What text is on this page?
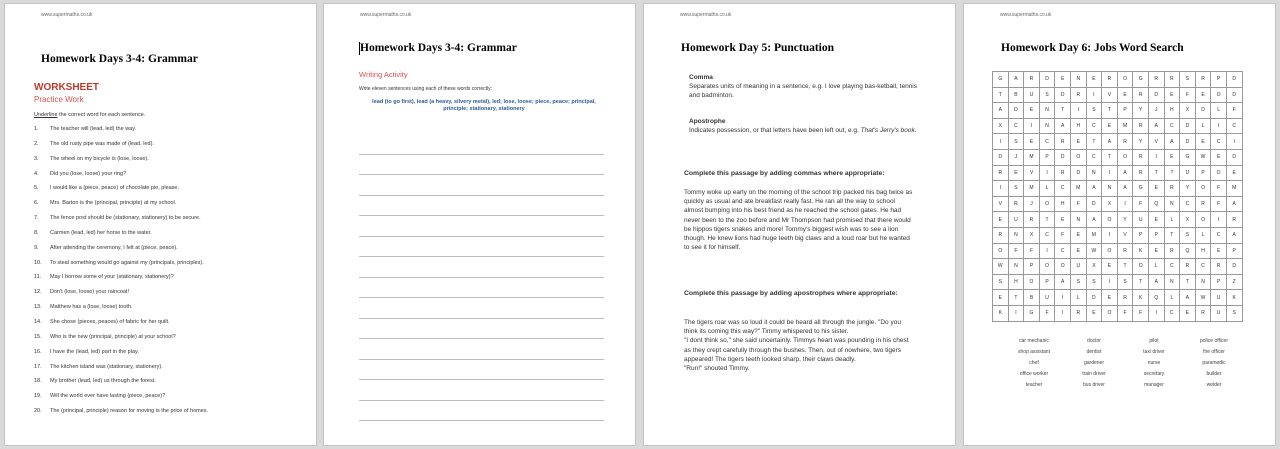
www.supermaths.co.uk
Homework Days 3-4: Grammar
WORKSHEET
Practice Work
Underline the correct word for each sentence.
1.	The teacher will (lead, led) the way.
2.	The old rusty pipe was made of (lead, led).
3.	The wheel on my bicycle is (lose, loose).
4.	Did you (lose, loose) your ring?
5.	I would like a (piece, peace) of chocolate pie, please.
6.	Mrs. Barton is the (principal, principle) at my school.
7.	The fence post should be (stationary, stationery) to be secure.
8.	Carmen (lead, led) her horse to the water.
9.	After attending the ceremony, I felt at (piece, peace).
10.	To steal something would go against my (principals, principles).
11.	May I borrow some of your (stationary, stationery)?
12.	Don't (lose, loose) your raincoat!
13.	Matthew has a (lose, loose) tooth.
14.	She chose (pieces, peaces) of fabric for her quilt.
15.	Who is the new (principal, principle) at your school?
16.	I have the (lead, led) part in the play.
17.	The kitchen island was (stationary, stationery).
18.	My brother (lead, led) us through the forest.
19.	Will the world ever have lasting (piece, peace)?
20.	The (principal, principle) reason for moving is the price of homes.
www.supermaths.co.uk
Homework Days 3-4: Grammar
Writing Activity
Write eleven sentences using each of these words correctly:
lead (to go first), lead (a heavy, silvery metal), led; lose, loose; piece, peace; principal, principle; stationary, stationery
www.supermaths.co.uk
Homework Day 5: Punctuation
Comma
Separates units of meaning in a sentence, e.g. I love playing bas-ketball, tennis and badminton.
Apostrophe
Indicates possession, or that letters have been left out, e.g. That's Jerry's book.
Complete this passage by adding commas where appropriate:
Tommy woke up early on the morning of the school trip packed his bag twice as quickly as usual and ate breakfast really fast. He ran all the way to school almost bumping into his best friend as he reached the school gates. He had never been to the zoo before and Mr Thompson had promised that there would be hippos tigers snakes and more! Tommy's biggest wish was to see a lion though. He knew lions had huge teeth big claws and a loud roar but he wanted to see it for himself.
Complete this passage by adding apostrophes where appropriate:
The tigers roar was so loud it could be heard all through the jungle. "Do you think its coming this way?" Timmy whispered to his sister.
"I dont think so," she said uncertainly. Timmys heart was pounding in his chest as they crept carefully through the bushes. Then, out of nowhere, two tigers appeared! The tigers teeth looked sharp, their claws deadly.
"Run!" shouted Timmy.
www.supermaths.co.uk
Homework Day 6: Jobs Word Search
G	A	R	D	E	N	E	R	O	G	R	R	S	R	P	D
T	B	U	S	D	R	I	V	E	R	D	E	F	E	O	D
A	D	E	N	T	I	S	T	P	Y	J	H	X	D	L	F
X	C	I	N	A	H	C	E	M	R	A	C	D	L	I	C
I	S	E	C	R	E	T	A	R	Y	V	A	D	E	C	I
D	J	M	P	D	O	C	T	O	R	I	E	G	W	E	D
R	E	V	I	R	D	N	I	A	R	T	?	U	P	O	E
I	S	M	L	C	M	A	N	A	G	E	R	Y	O	F	M
V	R	J	O	H	F	D	X	I	F	Q	N	C	R	F	A
E	U	R	T	E	N	A	O	Y	U	E	L	X	O	I	R
R	N	X	C	F	E	M	I	V	P	P	T	S	L	C	A
O	F	F	I	C	E	W	O	R	K	E	R	Q	H	E	P
W	N	P	O	O	U	X	E	T	O	L	C	R	C	R	D
S	H	O	P	A	S	S	I	S	T	A	N	T	N	P	Z
E	T	B	U	I	L	D	E	R	K	Q	L	A	W	U	K
K	I	G	F	I	R	E	O	F	F	I	C	E	R	U	S
car mechanic	doctor	pilot	police officer
shop assistant	dentist	taxi driver	fire officer
chef	gardener	nurse	paramedic
office worker	train driver	secretary	builder
teacher	bus driver	manager	welder
